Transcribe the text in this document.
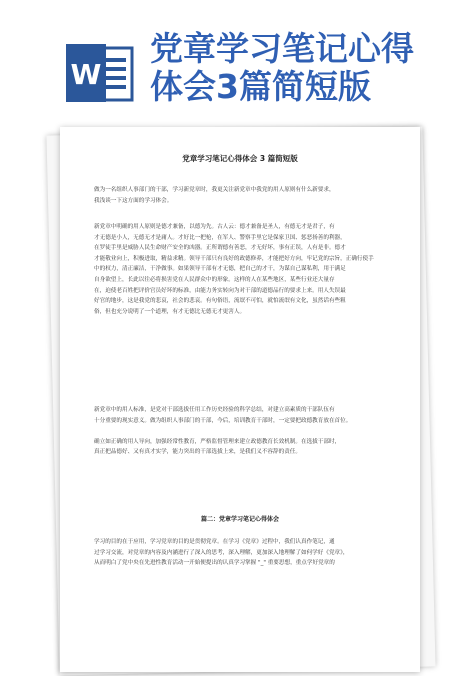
W
党章学习笔记心得
体会3篇简短版
党章学习笔记心得体会 3 篇简短版
做为一名组织人事部门的干部，学习新党章时，我更关注新党章中我党的用人原则有什么新要求，
我浅谈一下这方面的学习体会。
新党章中明确的用人原则是德才兼备，以德为先。古人云：德才兼备是圣人，有德无才是君子，有
才无德是小人，无德无才是庸人。才好比一把枪，在军人、警察手里它是保家卫国、惩恶扬善的利器，
在罗徒手里是威胁人民生命财产安全的凶器。正所谓德有善恶，才无好坏，事有正误，人有是非。德才
才能敬业向上，积极进取，精益求精。领导干部只有良好的政德修养，才能把好方向，牢记党的宗旨，正确行使手
中的权力，清正廉洁，干净做事。如果领导干部有才无德，把自己的才干，为谋自己谋私利，用于满足
自身欲望上，长此以往必将损害党在人民群众中的形象。这样的人在某些地区，某些行业还大量存
在，迫使老百姓把评价官员好坏的标准，由能力务实转向为对干部的道德品行的要求上来。用人失误最
好官的地步，这是我党的悲哀，社会的悲哀。有句俗语，流氓不可怕，就怕流氓有文化，虽然话有些粗
俗，但也充分说明了一个道理，有才无德比无德无才更害人。
新党章中的用人标准，是党对干部选拔任用工作历史经验的科学总结，对建立高素质的干部队伍有
十分重要的现实意义。做为组织人事部门的干部，今后，培训教育干部时，一定要把政德教育放在首位。

确立如正确的用人导向，加强经常性教育，严格监督管理来建立政德教育长效机制。在选拔干部时，
真正把品德好、又有真才实学，能力突出的干部选拔上来，是我们义不容辞的责任。
篇二：党章学习笔记心得体会
学习的目的在于应用，学习党章的目的是贯彻党章。在学习《党章》过程中，我们认真作笔记，通
过学习交流，对党章的内容及内涵进行了深入的思考，深入理解，更加深入地理解了如何学好《党章》，
从而明白了党中央在先进性教育活动一开始便提出的认真学习掌握 "_" 重要思想，重点学好党章的
